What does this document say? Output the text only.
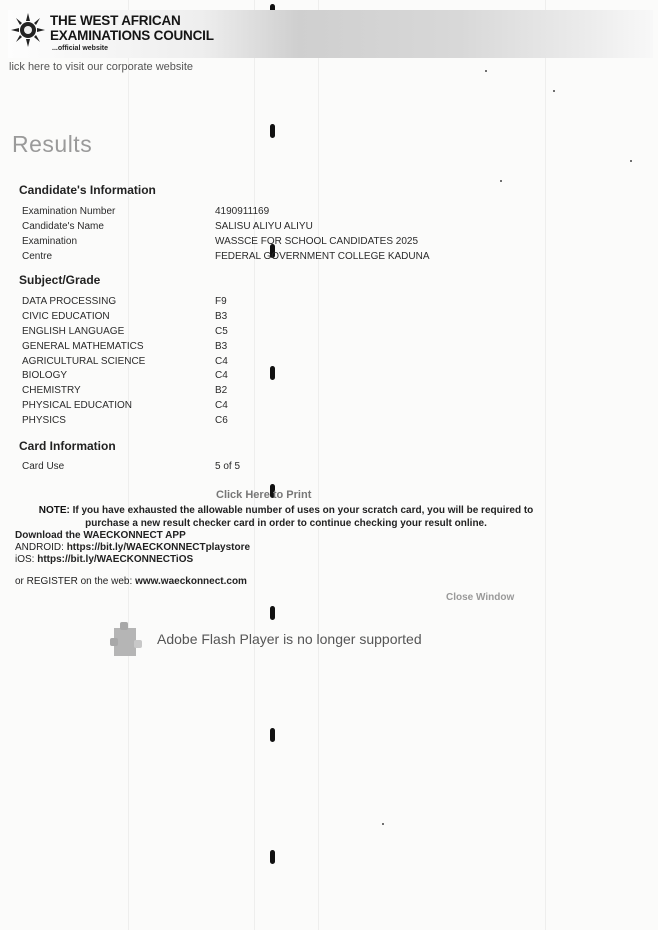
THE WEST AFRICAN
EXAMINATIONS COUNCIL
...official website
lick here to visit our corporate website
Results
Candidate's Information
Examination Number	4190911169
Candidate's Name	SALISU ALIYU ALIYU
Examination	WASSCE FOR SCHOOL CANDIDATES 2025
Centre	FEDERAL GOVERNMENT COLLEGE KADUNA
Subject/Grade
DATA PROCESSING	F9
CIVIC EDUCATION	B3
ENGLISH LANGUAGE	C5
GENERAL MATHEMATICS	B3
AGRICULTURAL SCIENCE	C4
BIOLOGY	C4
CHEMISTRY	B2
PHYSICAL EDUCATION	C4
PHYSICS	C6
Card Information
Card Use	5 of 5
Click Here to Print
NOTE: If you have exhausted the allowable number of uses on your scratch card, you will be required to
purchase a new result checker card in order to continue checking your result online.
Download the WAECKONNECT APP
ANDROID: https://bit.ly/WAECKONNECTplaystore
iOS: https://bit.ly/WAECKONNECTiOS
or REGISTER on the web: www.waeckonnect.com
Close Window
Adobe Flash Player is no longer supported
